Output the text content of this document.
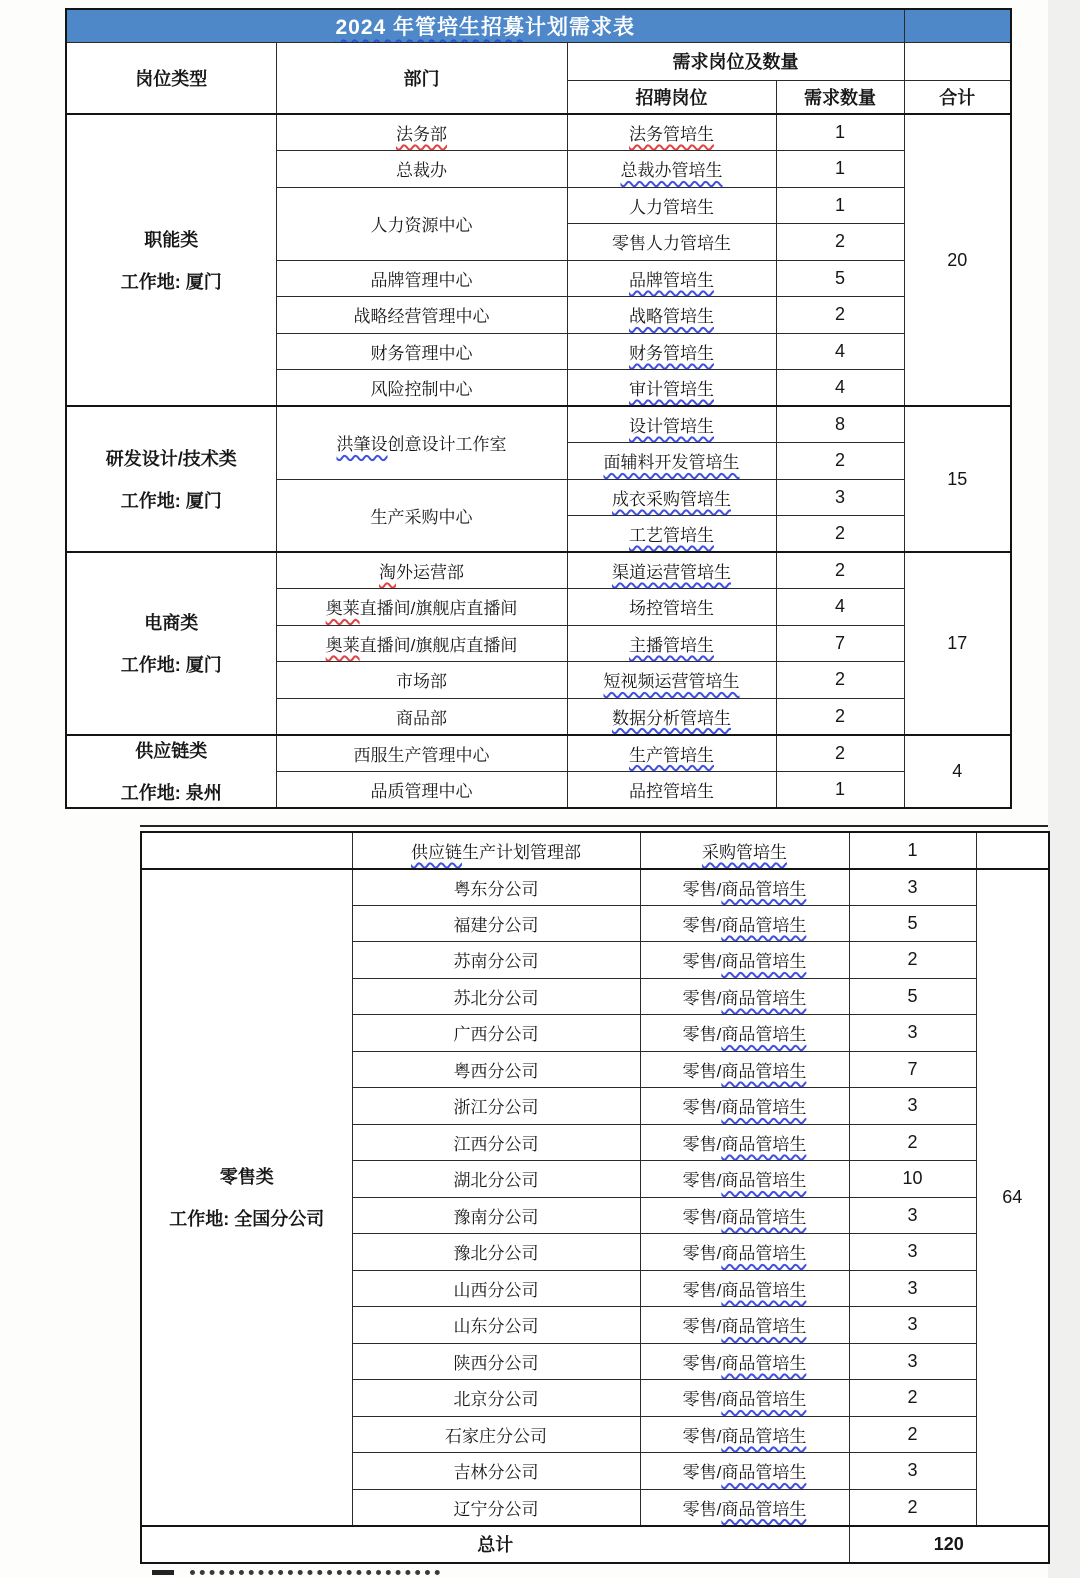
2024 年管培生招募计划需求表				
岗位类型	部门	需求岗位及数量		
		招聘岗位	需求数量	合计

职能类
工作地: 厦门	法务部	法务管培生	1	20
	总裁办	总裁办管培生	1	
	人力资源中心	人力管培生	1	
		零售人力管培生	2	
	品牌管理中心	品牌管培生	5	
	战略经营管理中心	战略管培生	2	
	财务管理中心	财务管培生	4	
	风险控制中心	审计管培生	4	

研发设计/技术类
工作地: 厦门	洪肇设创意设计工作室	设计管培生	8	15
		面辅料开发管培生	2	
	生产采购中心	成衣采购管培生	3	
		工艺管培生	2	

电商类
工作地: 厦门	淘外运营部	渠道运营管培生	2	17
	奥莱直播间/旗舰店直播间	场控管培生	4	
	奥莱直播间/旗舰店直播间	主播管培生	7	
	市场部	短视频运营管培生	2	
	商品部	数据分析管培生	2	

供应链类
工作地: 泉州	西服生产管理中心	生产管培生	2	4
	品质管理中心	品控管培生	1	
	供应链生产计划管理部	采购管培生	1	

零售类
工作地: 全国分公司	粤东分公司	零售/商品管培生	3	64
	福建分公司	零售/商品管培生	5	
	苏南分公司	零售/商品管培生	2	
	苏北分公司	零售/商品管培生	5	
	广西分公司	零售/商品管培生	3	
	粤西分公司	零售/商品管培生	7	
	浙江分公司	零售/商品管培生	3	
	江西分公司	零售/商品管培生	2	
	湖北分公司	零售/商品管培生	10	
	豫南分公司	零售/商品管培生	3	
	豫北分公司	零售/商品管培生	3	
	山西分公司	零售/商品管培生	3	
	山东分公司	零售/商品管培生	3	
	陕西分公司	零售/商品管培生	3	
	北京分公司	零售/商品管培生	2	
	石家庄分公司	零售/商品管培生	2	
	吉林分公司	零售/商品管培生	3	
	辽宁分公司	零售/商品管培生	2	
总计			120	
